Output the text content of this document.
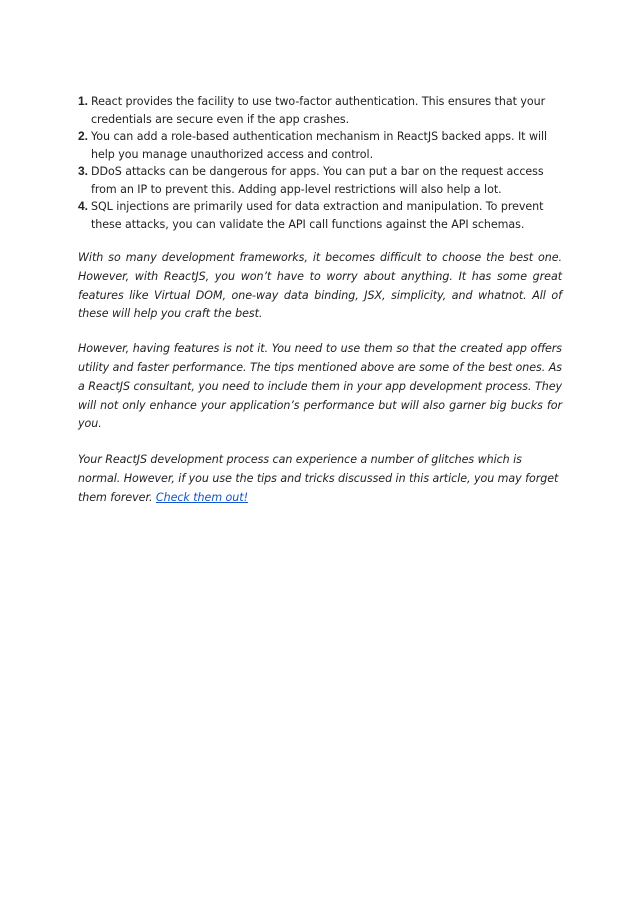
1. React provides the facility to use two-factor authentication. This ensures that your credentials are secure even if the app crashes.
2. You can add a role-based authentication mechanism in ReactJS backed apps. It will help you manage unauthorized access and control.
3. DDoS attacks can be dangerous for apps. You can put a bar on the request access from an IP to prevent this. Adding app-level restrictions will also help a lot.
4. SQL injections are primarily used for data extraction and manipulation. To prevent these attacks, you can validate the API call functions against the API schemas.

With so many development frameworks, it becomes difficult to choose the best one. However, with ReactJS, you won’t have to worry about anything. It has some great features like Virtual DOM, one-way data binding, JSX, simplicity, and whatnot. All of these will help you craft the best.

However, having features is not it. You need to use them so that the created app offers utility and faster performance. The tips mentioned above are some of the best ones. As a ReactJS consultant, you need to include them in your app development process. They will not only enhance your application’s performance but will also garner big bucks for you.

Your ReactJS development process can experience a number of glitches which is normal. However, if you use the tips and tricks discussed in this article, you may forget them forever. Check them out!
